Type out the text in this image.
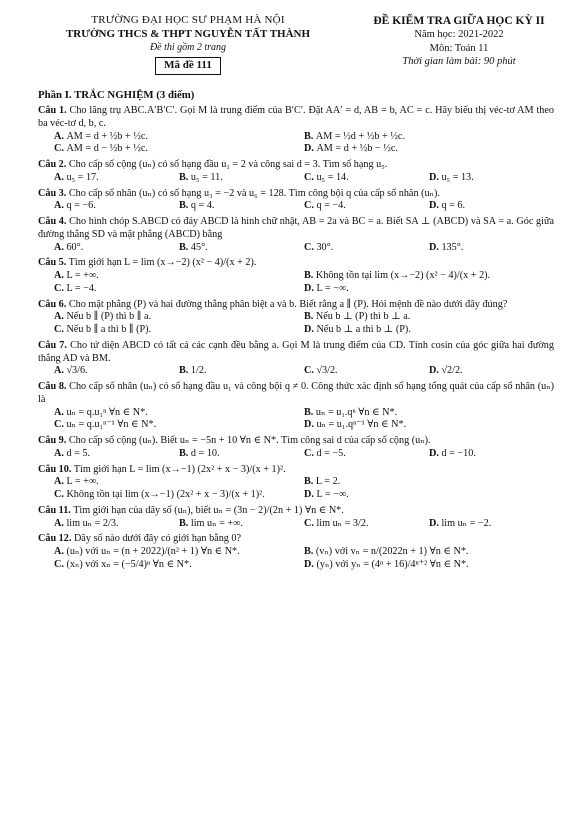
TRƯỜNG ĐẠI HỌC SƯ PHẠM HÀ NỘI
TRƯỜNG THCS & THPT NGUYỄN TẤT THÀNH
Đề thi gồm 2 trang
Mã đề 111
ĐỀ KIỂM TRA GIỮA HỌC KỲ II
Năm học: 2021-2022
Môn: Toán 11
Thời gian làm bài: 90 phút
Phần I. TRẮC NGHIỆM (3 điểm)
Câu 1. Cho lăng trụ ABC.A′B′C′. Gọi M là trung điểm của B′C′. Đặt AA′ = d, AB = b, AC = c. Hãy biểu thị véc-tơ AM theo ba véc-tơ d, b, c.
A. AM = d + ½b + ½c.	B. AM = ½d + ½b + ½c.
C. AM = d − ½b + ½c.	D. AM = d + ½b − ½c.
Câu 2. Cho cấp số cộng (uₙ) có số hạng đầu u₁ = 2 và công sai d = 3. Tìm số hạng u₅.
A. u₅ = 17.	B. u₅ = 11.	C. u₅ = 14.	D. u₅ = 13.
Câu 3. Cho cấp số nhân (uₙ) có số hạng u₃ = −2 và u₆ = 128. Tìm công bội q của cấp số nhân (uₙ).
A. q = −6.	B. q = 4.	C. q = −4.	D. q = 6.
Câu 4. Cho hình chóp S.ABCD có đáy ABCD là hình chữ nhật, AB = 2a và BC = a. Biết SA ⊥ (ABCD) và SA = a. Góc giữa đường thẳng SD và mặt phẳng (ABCD) bằng
A. 60°.	B. 45°.	C. 30°.	D. 135°.
Câu 5. Tìm giới hạn L = lim (x→−2) (x² − 4)/(x + 2).
A. L = +∞.	B. Không tồn tại lim (x→−2) (x² − 4)/(x + 2).
C. L = −4.	D. L = −∞.
Câu 6. Cho mặt phẳng (P) và hai đường thẳng phân biệt a và b. Biết rằng a ∥ (P). Hỏi mệnh đề nào dưới đây đúng?
A. Nếu b ∥ (P) thì b ∥ a.	B. Nếu b ⊥ (P) thì b ⊥ a.
C. Nếu b ∥ a thì b ∥ (P).	D. Nếu b ⊥ a thì b ⊥ (P).
Câu 7. Cho tứ diện ABCD có tất cả các cạnh đều bằng a. Gọi M là trung điểm của CD. Tính cosin của góc giữa hai đường thẳng AD và BM.
A. √3/6.	B. 1/2.	C. √3/2.	D. √2/2.
Câu 8. Cho cấp số nhân (uₙ) có số hạng đầu u₁ và công bội q ≠ 0. Công thức xác định số hạng tổng quát của cấp số nhân (uₙ) là
A. uₙ = q.u₁ⁿ ∀n ∈ N*.	B. uₙ = u₁.qⁿ ∀n ∈ N*.
C. uₙ = q.u₁ⁿ⁻¹ ∀n ∈ N*.	D. uₙ = u₁.qⁿ⁻¹ ∀n ∈ N*.
Câu 9. Cho cấp số cộng (uₙ). Biết uₙ = −5n + 10 ∀n ∈ N*. Tìm công sai d của cấp số cộng (uₙ).
A. d = 5.	B. d = 10.	C. d = −5.	D. d = −10.
Câu 10. Tìm giới hạn L = lim (x→−1) (2x² + x − 3)/(x + 1)².
A. L = +∞.	B. L = 2.
C. Không tồn tại lim (x→−1) (2x² + x − 3)/(x + 1)².	D. L = −∞.
Câu 11. Tìm giới hạn của dãy số (uₙ), biết uₙ = (3n − 2)/(2n + 1) ∀n ∈ N*.
A. lim uₙ = 2/3.	B. lim uₙ = +∞.	C. lim uₙ = 3/2.	D. lim uₙ = −2.
Câu 12. Dãy số nào dưới đây có giới hạn bằng 0?
A. (uₙ) với uₙ = (n + 2022)/(n² + 1) ∀n ∈ N*.	B. (vₙ) với vₙ = n/(2022n + 1) ∀n ∈ N*.
C. (xₙ) với xₙ = (−5/4)ⁿ ∀n ∈ N*.	D. (yₙ) với yₙ = (4ⁿ + 16)/4ⁿ⁺² ∀n ∈ N*.
